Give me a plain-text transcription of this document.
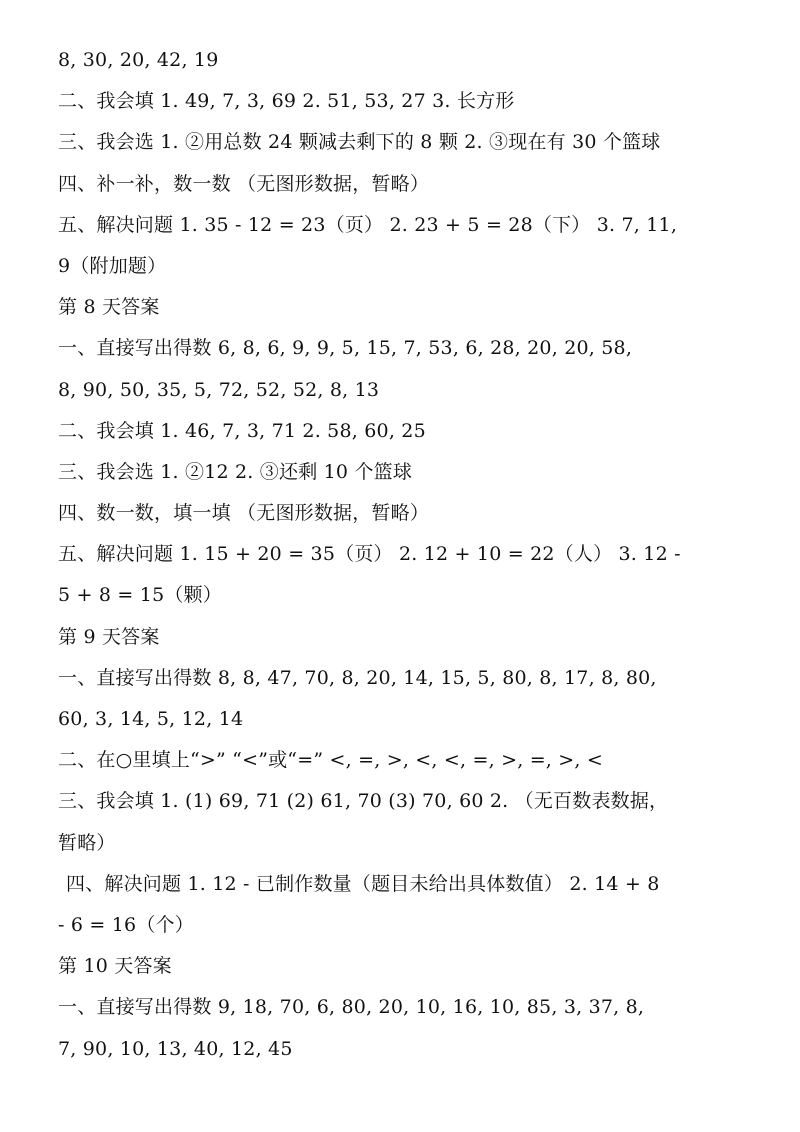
8, 30, 20, 42, 19
二、我会填 1. 49, 7, 3, 69 2. 51, 53, 27 3. 长方形
三、我会选 1. ②用总数 24 颗减去剩下的 8 颗 2. ③现在有 30 个篮球
四、补一补，数一数 （无图形数据，暂略）
五、解决问题 1. 35 - 12 = 23（页） 2. 23 + 5 = 28（下） 3. 7, 11,
9（附加题）
第 8 天答案
一、直接写出得数 6, 8, 6, 9, 9, 5, 15, 7, 53, 6, 28, 20, 20, 58,
8, 90, 50, 35, 5, 72, 52, 52, 8, 13
二、我会填 1. 46, 7, 3, 71 2. 58, 60, 25
三、我会选 1. ②12 2. ③还剩 10 个篮球
四、数一数，填一填 （无图形数据，暂略）
五、解决问题 1. 15 + 20 = 35（页） 2. 12 + 10 = 22（人） 3. 12 -
5 + 8 = 15（颗）
第 9 天答案
一、直接写出得数 8, 8, 47, 70, 8, 20, 14, 15, 5, 80, 8, 17, 8, 80,
60, 3, 14, 5, 12, 14
二、在○里填上“>” “<”或“=” <, =, >, <, <, =, >, =, >, <
三、我会填 1. (1) 69, 71 (2) 61, 70 (3) 70, 60 2. （无百数表数据，
暂略）
四、解决问题 1. 12 - 已制作数量（题目未给出具体数值） 2. 14 + 8
- 6 = 16（个）
第 10 天答案
一、直接写出得数 9, 18, 70, 6, 80, 20, 10, 16, 10, 85, 3, 37, 8,
7, 90, 10, 13, 40, 12, 45
